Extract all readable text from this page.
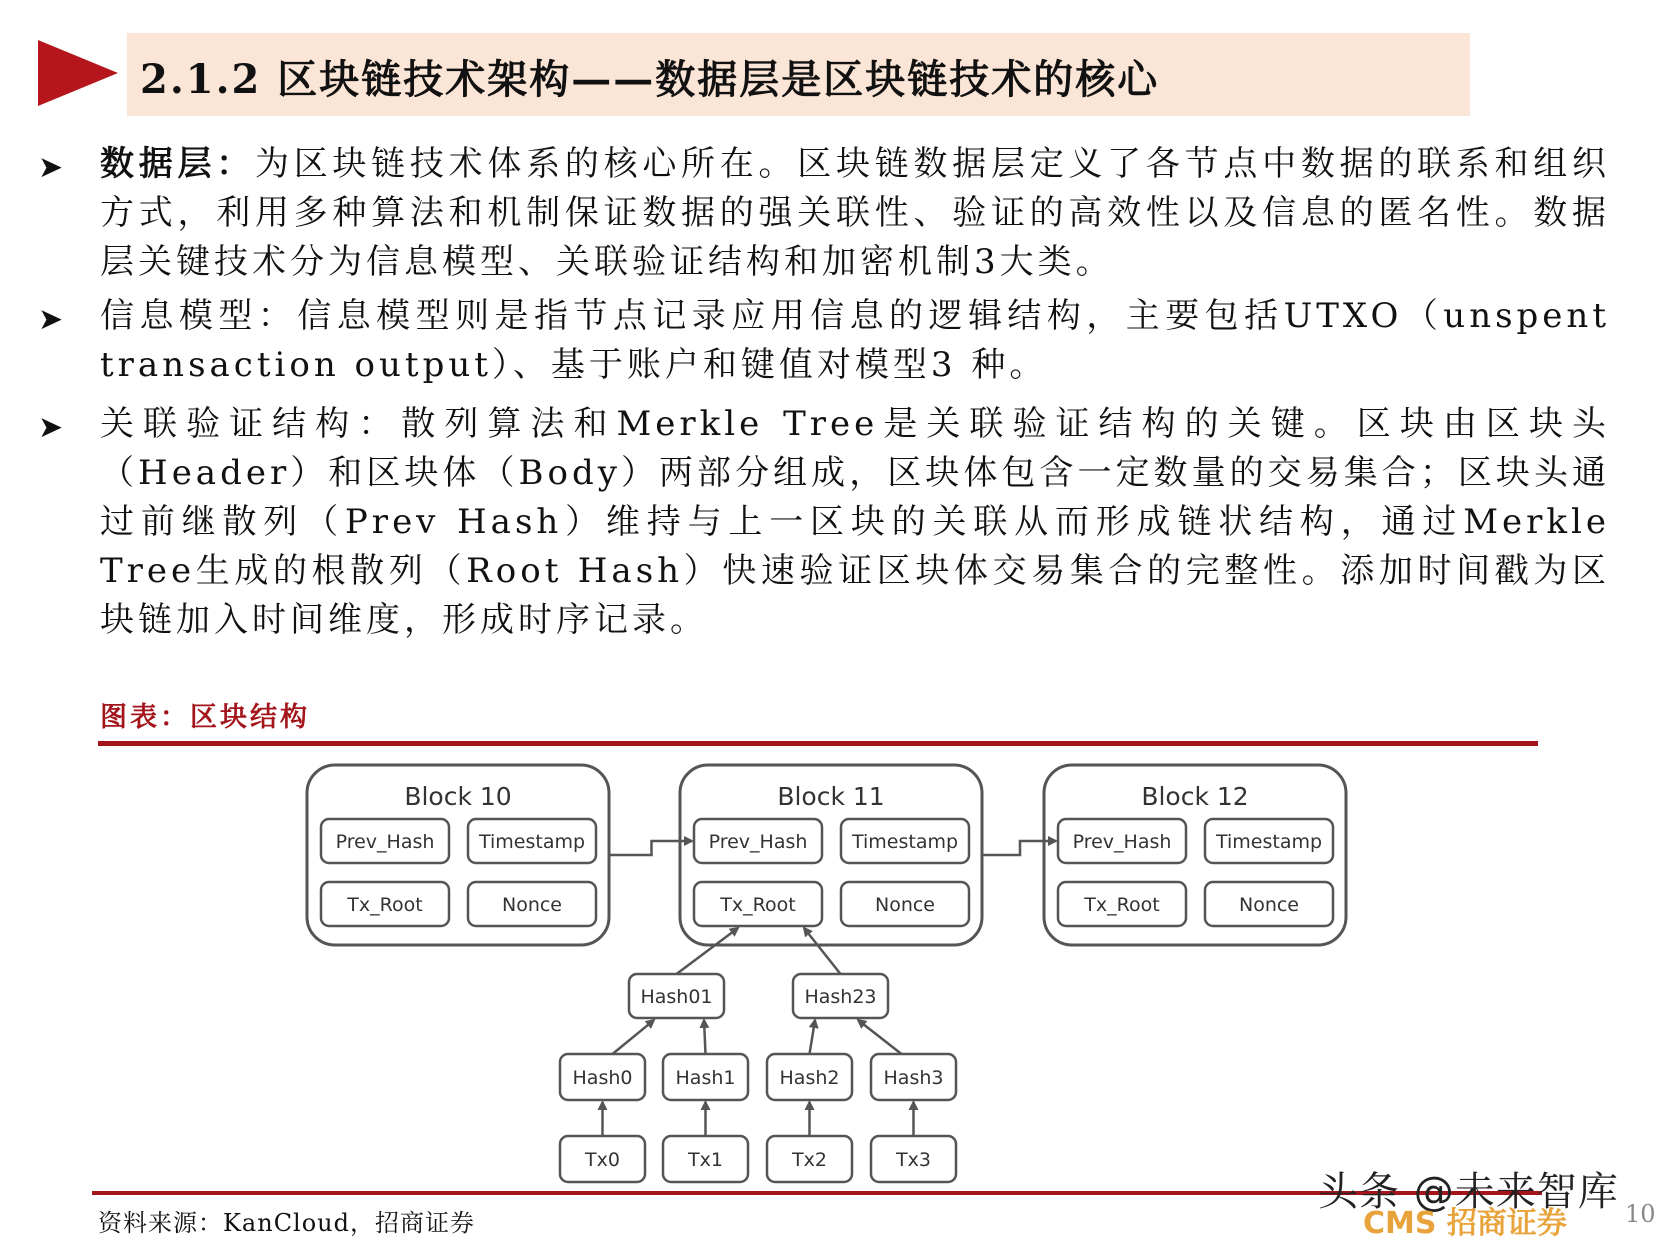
2.1.2 区块链技术架构——数据层是区块链技术的核心
➤ 数据层：为区块链技术体系的核心所在。区块链数据层定义了各节点中数据的联系和组织方式，利用多种算法和机制保证数据的强关联性、验证的高效性以及信息的匿名性。数据层关键技术分为信息模型、关联验证结构和加密机制3大类。
➤ 信息模型：信息模型则是指节点记录应用信息的逻辑结构，主要包括UTXO（unspent transaction output）、基于账户和键值对模型3 种。
➤ 关联验证结构：散列算法和Merkle Tree是关联验证结构的关键。区块由区块头（Header）和区块体（Body）两部分组成，区块体包含一定数量的交易集合；区块头通过前继散列（Prev Hash）维持与上一区块的关联从而形成链状结构，通过Merkle Tree生成的根散列（Root Hash）快速验证区块体交易集合的完整性。添加时间戳为区块链加入时间维度，形成时序记录。
图表：区块结构
Block 10
Prev_Hash Timestamp
Tx_Root	Nonce
Block 11
Prev_Hash Timestamp
Tx_Root	Nonce
Block 12
Prev_Hash Timestamp
Tx_Root	Nonce
Hash01	Hash23
Hash0 Hash1 Hash2 Hash3
Tx0	Tx1	Tx2	Tx3
资料来源：KanCloud，招商证券
头条 @未来智库
CMS 招商证券 10
